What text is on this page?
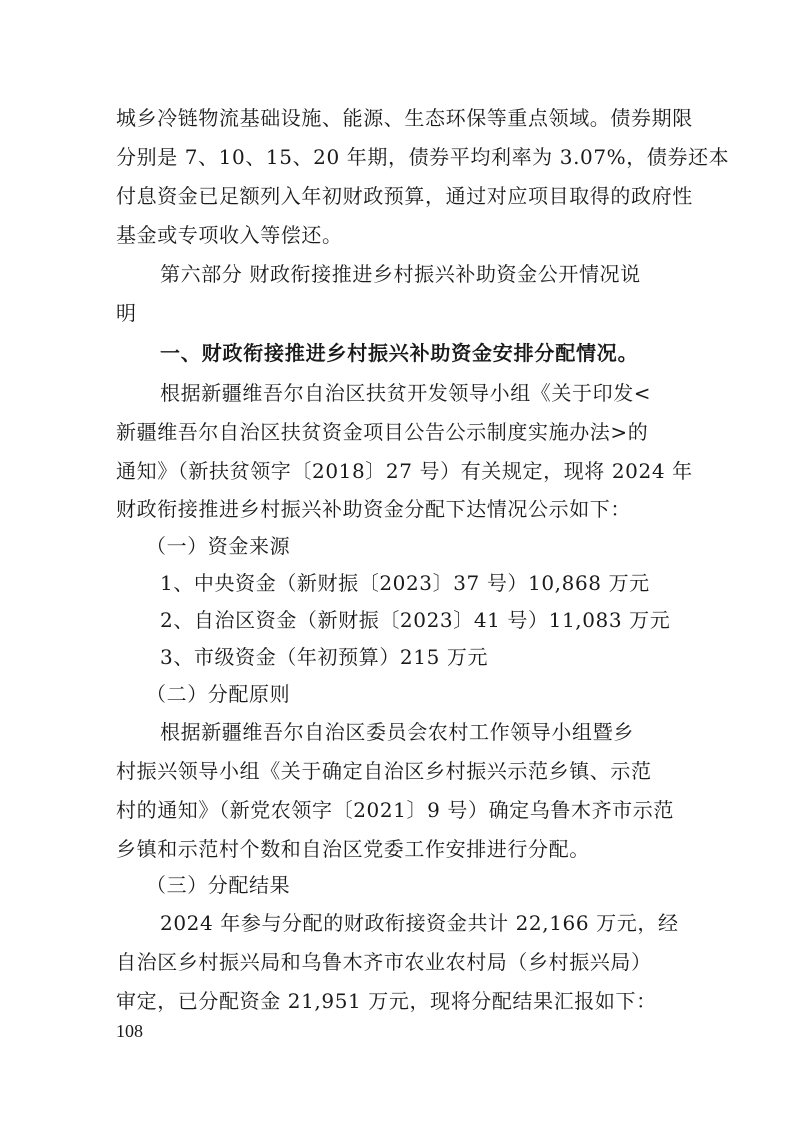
城乡冷链物流基础设施、能源、生态环保等重点领域。债券期限
分别是 7、10、15、20 年期，债券平均利率为 3.07%，债券还本
付息资金已足额列入年初财政预算，通过对应项目取得的政府性
基金或专项收入等偿还。
第六部分 财政衔接推进乡村振兴补助资金公开情况说
明
一、财政衔接推进乡村振兴补助资金安排分配情况。
根据新疆维吾尔自治区扶贫开发领导小组《关于印发<
新疆维吾尔自治区扶贫资金项目公告公示制度实施办法>的
通知》（新扶贫领字〔2018〕27 号）有关规定，现将 2024 年
财政衔接推进乡村振兴补助资金分配下达情况公示如下：
（一）资金来源
1、中央资金（新财振〔2023〕37 号）10,868 万元
2、自治区资金（新财振〔2023〕41 号）11,083 万元
3、市级资金（年初预算）215 万元
（二）分配原则
根据新疆维吾尔自治区委员会农村工作领导小组暨乡
村振兴领导小组《关于确定自治区乡村振兴示范乡镇、示范
村的通知》（新党农领字〔2021〕9 号）确定乌鲁木齐市示范
乡镇和示范村个数和自治区党委工作安排进行分配。
（三）分配结果
2024 年参与分配的财政衔接资金共计 22,166 万元，经
自治区乡村振兴局和乌鲁木齐市农业农村局（乡村振兴局）
审定，已分配资金 21,951 万元，现将分配结果汇报如下：
108
